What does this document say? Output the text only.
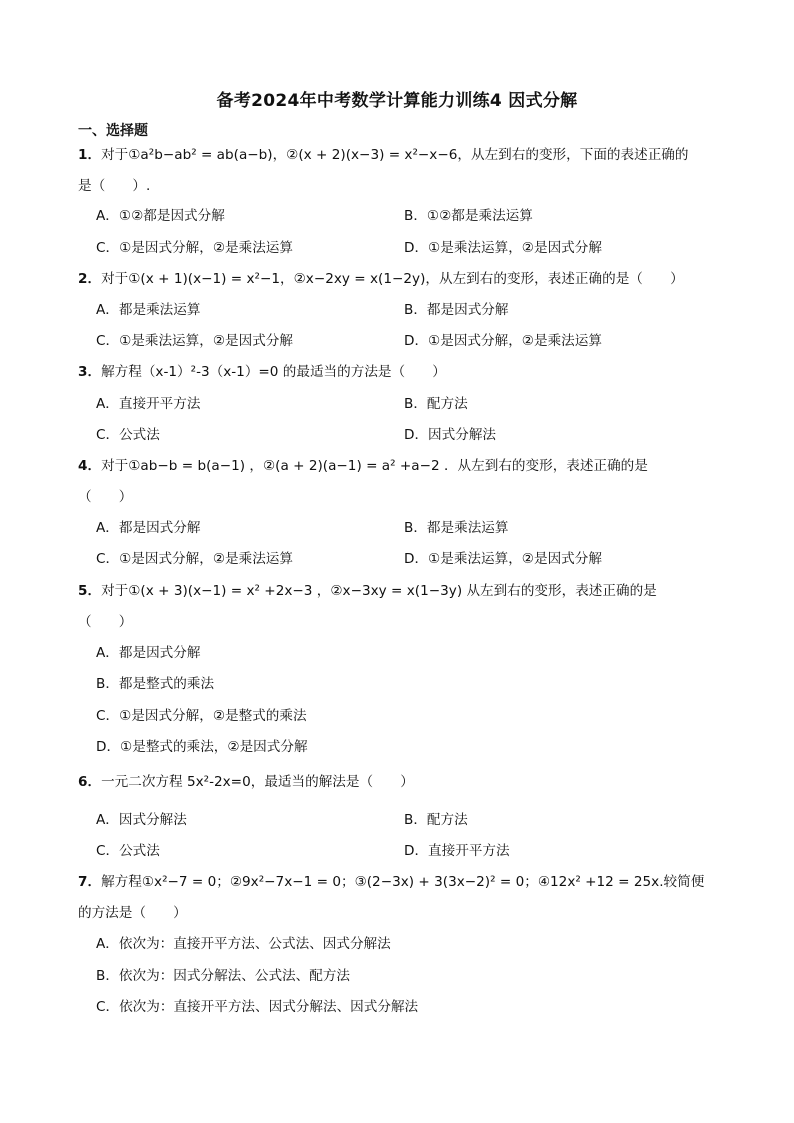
备考2024年中考数学计算能力训练4 因式分解
一、选择题
1．对于①a²b−ab² = ab(a−b)，②(x + 2)(x−3) = x²−x−6，从左到右的变形，下面的表述正确的
是（　　）.
A．①②都是因式分解	B．①②都是乘法运算
C．①是因式分解，②是乘法运算	D．①是乘法运算，②是因式分解
2．对于①(x + 1)(x−1) = x²−1，②x−2xy = x(1−2y)，从左到右的变形，表述正确的是（　　）
A．都是乘法运算	B．都是因式分解
C．①是乘法运算，②是因式分解	D．①是因式分解，②是乘法运算
3．解方程（x-1）²-3（x-1）=0 的最适当的方法是（　　）
A．直接开平方法	B．配方法
C．公式法	D．因式分解法
4．对于①ab−b = b(a−1) ，②(a + 2)(a−1) = a² +a−2 ．从左到右的变形，表述正确的是
（　　）
A．都是因式分解	B．都是乘法运算
C．①是因式分解，②是乘法运算	D．①是乘法运算，②是因式分解
5．对于①(x + 3)(x−1) = x² +2x−3 ，②x−3xy = x(1−3y) 从左到右的变形，表述正确的是
（　　）
A．都是因式分解
B．都是整式的乘法
C．①是因式分解，②是整式的乘法
D．①是整式的乘法，②是因式分解
6．一元二次方程 5x²-2x=0，最适当的解法是（　　）
A．因式分解法	B．配方法
C．公式法	D．直接开平方法
7．解方程①x²−7 = 0；②9x²−7x−1 = 0；③(2−3x) + 3(3x−2)² = 0；④12x² +12 = 25x.较简便
的方法是（　　）
A．依次为：直接开平方法、公式法、因式分解法
B．依次为：因式分解法、公式法、配方法
C．依次为：直接开平方法、因式分解法、因式分解法
